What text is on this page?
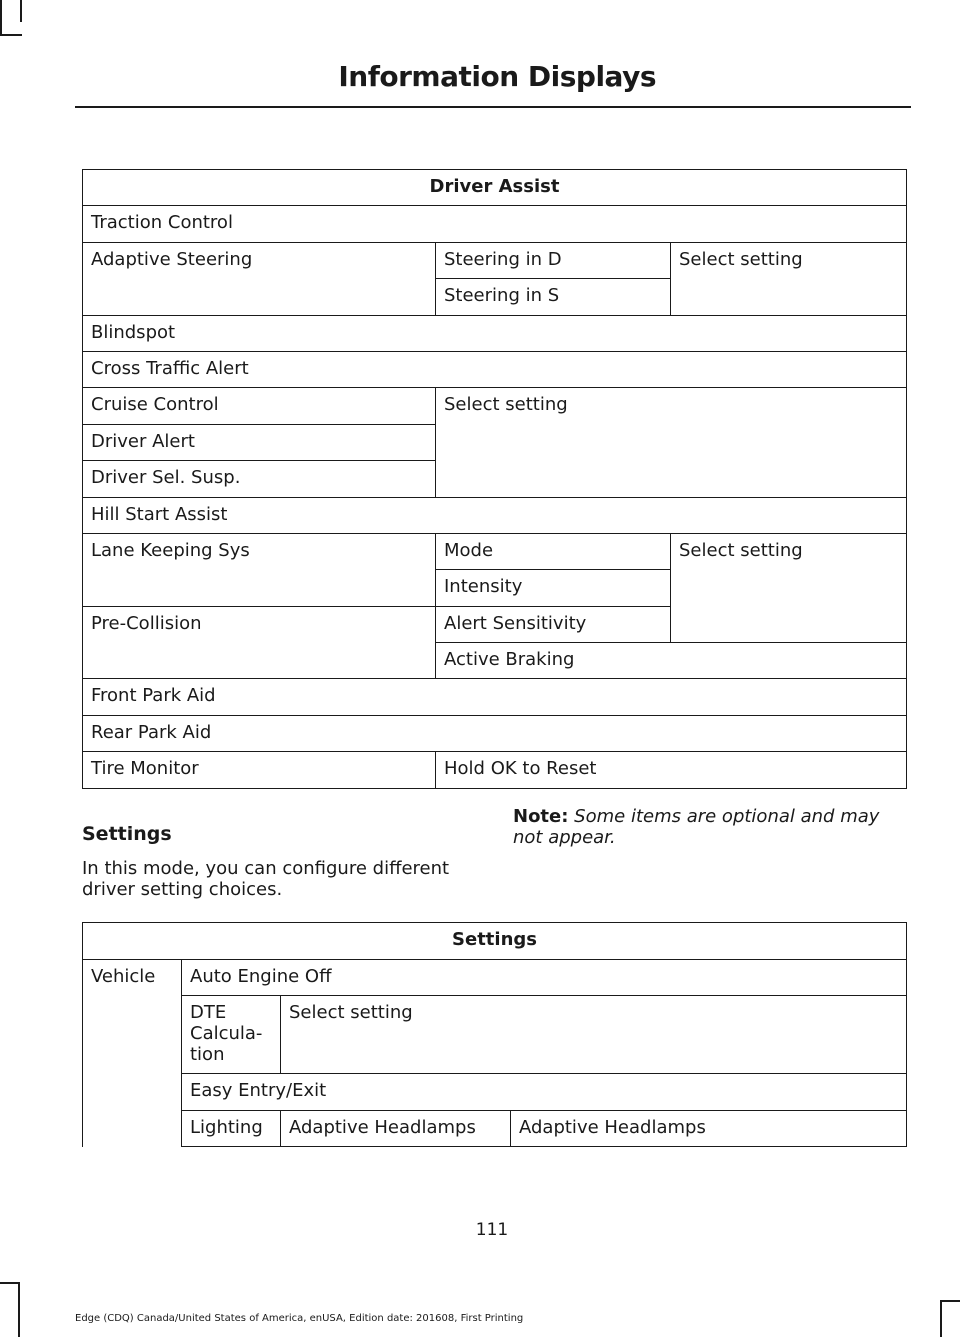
Information Displays
Driver Assist		
Traction Control		
Adaptive Steering	Steering in D	Select setting
	Steering in S	
Blindspot		
Cross Traffic Alert		
Cruise Control	Select setting	
Driver Alert		
Driver Sel. Susp.		
Hill Start Assist		
Lane Keeping Sys	Mode	Select setting
	Intensity	
Pre-Collision	Alert Sensitivity	
	Active Braking	
Front Park Aid		
Rear Park Aid		
Tire Monitor	Hold OK to Reset	
Settings
In this mode, you can configure different driver setting choices.
Note: Some items are optional and may not appear.
Settings			
Vehicle	Auto Engine Off		
	DTE Calcula-tion	Select setting	
	Easy Entry/Exit		
	Lighting	Adaptive Headlamps	Adaptive Headlamps
111
Edge (CDQ) Canada/United States of America, enUSA, Edition date: 201608, First Printing
